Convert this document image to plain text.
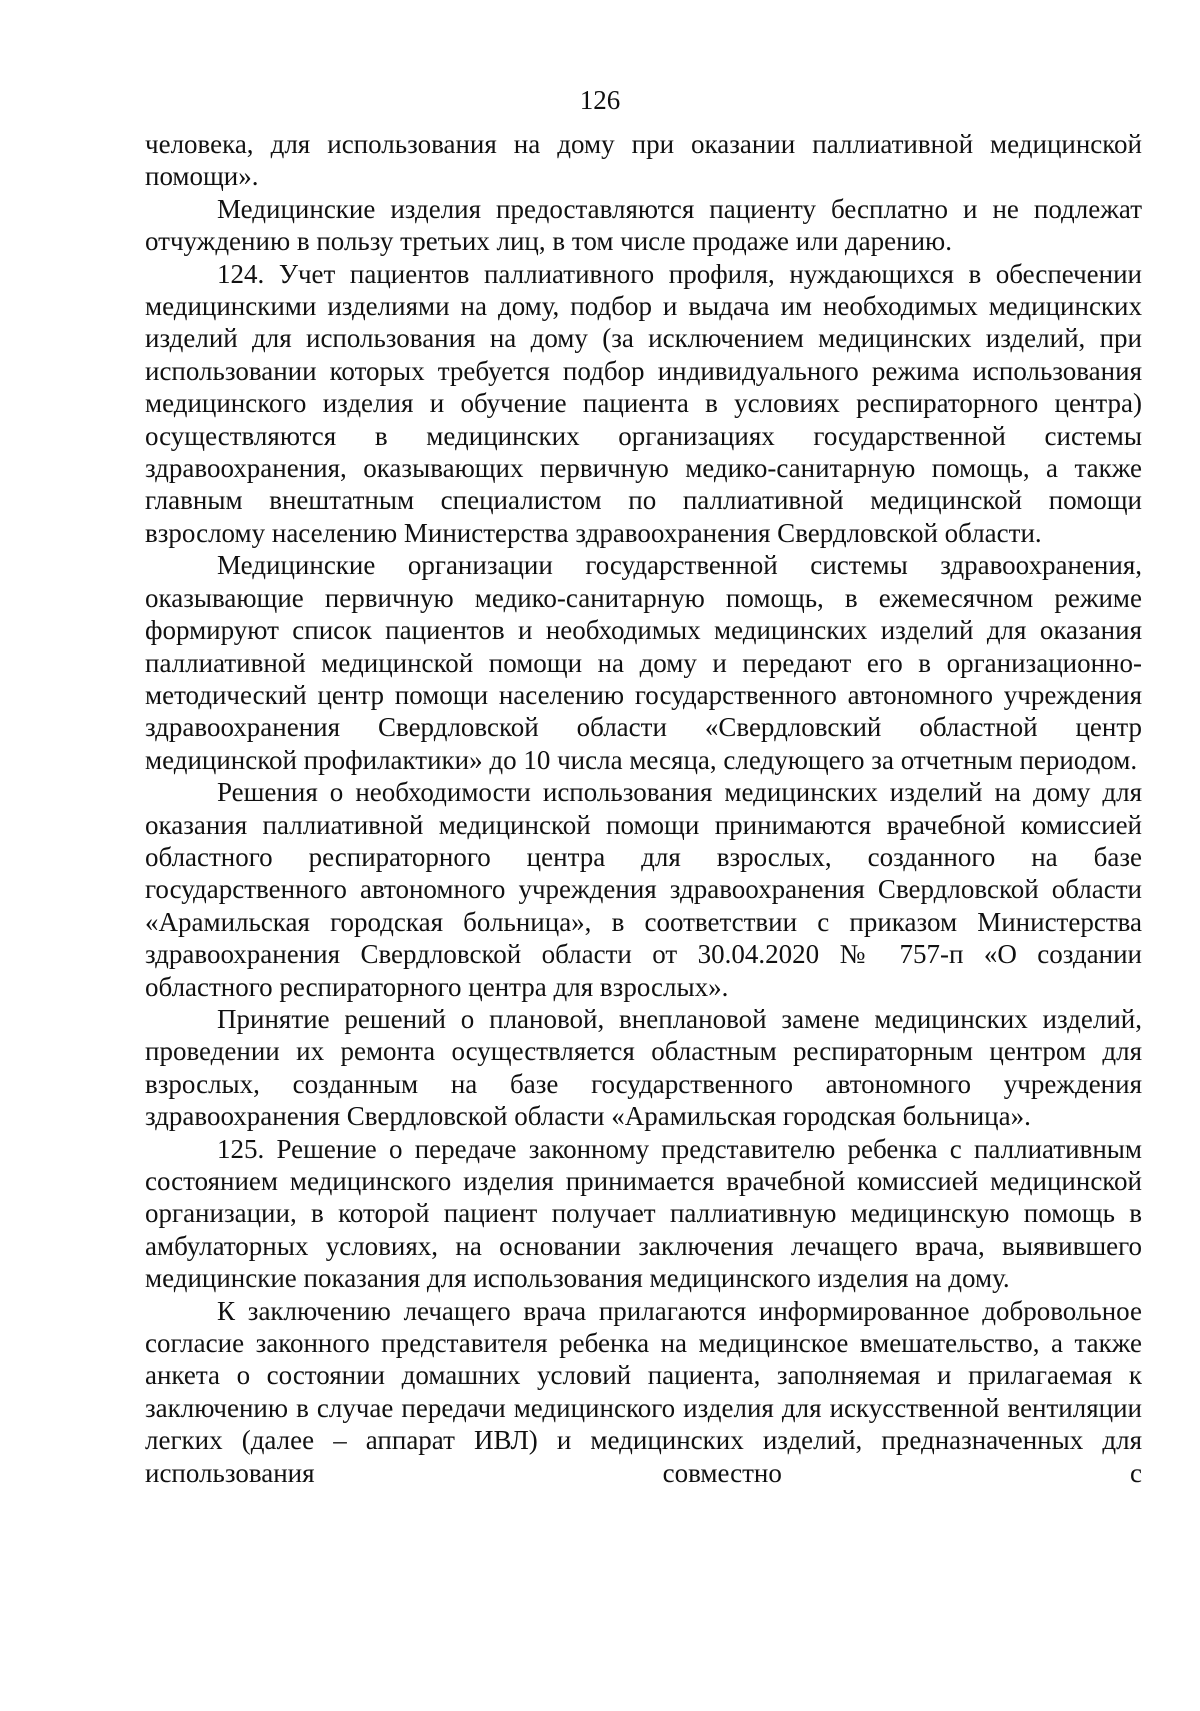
126

человека, для использования на дому при оказании паллиативной медицинской помощи».

Медицинские изделия предоставляются пациенту бесплатно и не подлежат отчуждению в пользу третьих лиц, в том числе продаже или дарению.

124. Учет пациентов паллиативного профиля, нуждающихся в обеспечении медицинскими изделиями на дому, подбор и выдача им необходимых медицинских изделий для использования на дому (за исключением медицинских изделий, при использовании которых требуется подбор индивидуального режима использования медицинского изделия и обучение пациента в условиях респираторного центра) осуществляются в медицинских организациях государственной системы здравоохранения, оказывающих первичную медико-санитарную помощь, а также главным внештатным специалистом по паллиативной медицинской помощи взрослому населению Министерства здравоохранения Свердловской области.

Медицинские организации государственной системы здравоохранения, оказывающие первичную медико-санитарную помощь, в ежемесячном режиме формируют список пациентов и необходимых медицинских изделий для оказания паллиативной медицинской помощи на дому и передают его в организационно-методический центр помощи населению государственного автономного учреждения здравоохранения Свердловской области «Свердловский областной центр медицинской профилактики» до 10 числа месяца, следующего за отчетным периодом.

Решения о необходимости использования медицинских изделий на дому для оказания паллиативной медицинской помощи принимаются врачебной комиссией областного респираторного центра для взрослых, созданного на базе государственного автономного учреждения здравоохранения Свердловской области «Арамильская городская больница», в соответствии с приказом Министерства здравоохранения Свердловской области от 30.04.2020 № 757-п «О создании областного респираторного центра для взрослых».

Принятие решений о плановой, внеплановой замене медицинских изделий, проведении их ремонта осуществляется областным респираторным центром для взрослых, созданным на базе государственного автономного учреждения здравоохранения Свердловской области «Арамильская городская больница».

125. Решение о передаче законному представителю ребенка с паллиативным состоянием медицинского изделия принимается врачебной комиссией медицинской организации, в которой пациент получает паллиативную медицинскую помощь в амбулаторных условиях, на основании заключения лечащего врача, выявившего медицинские показания для использования медицинского изделия на дому.

К заключению лечащего врача прилагаются информированное добровольное согласие законного представителя ребенка на медицинское вмешательство, а также анкета о состоянии домашних условий пациента, заполняемая и прилагаемая к заключению в случае передачи медицинского изделия для искусственной вентиляции легких (далее – аппарат ИВЛ) и медицинских изделий, предназначенных для использования совместно с
